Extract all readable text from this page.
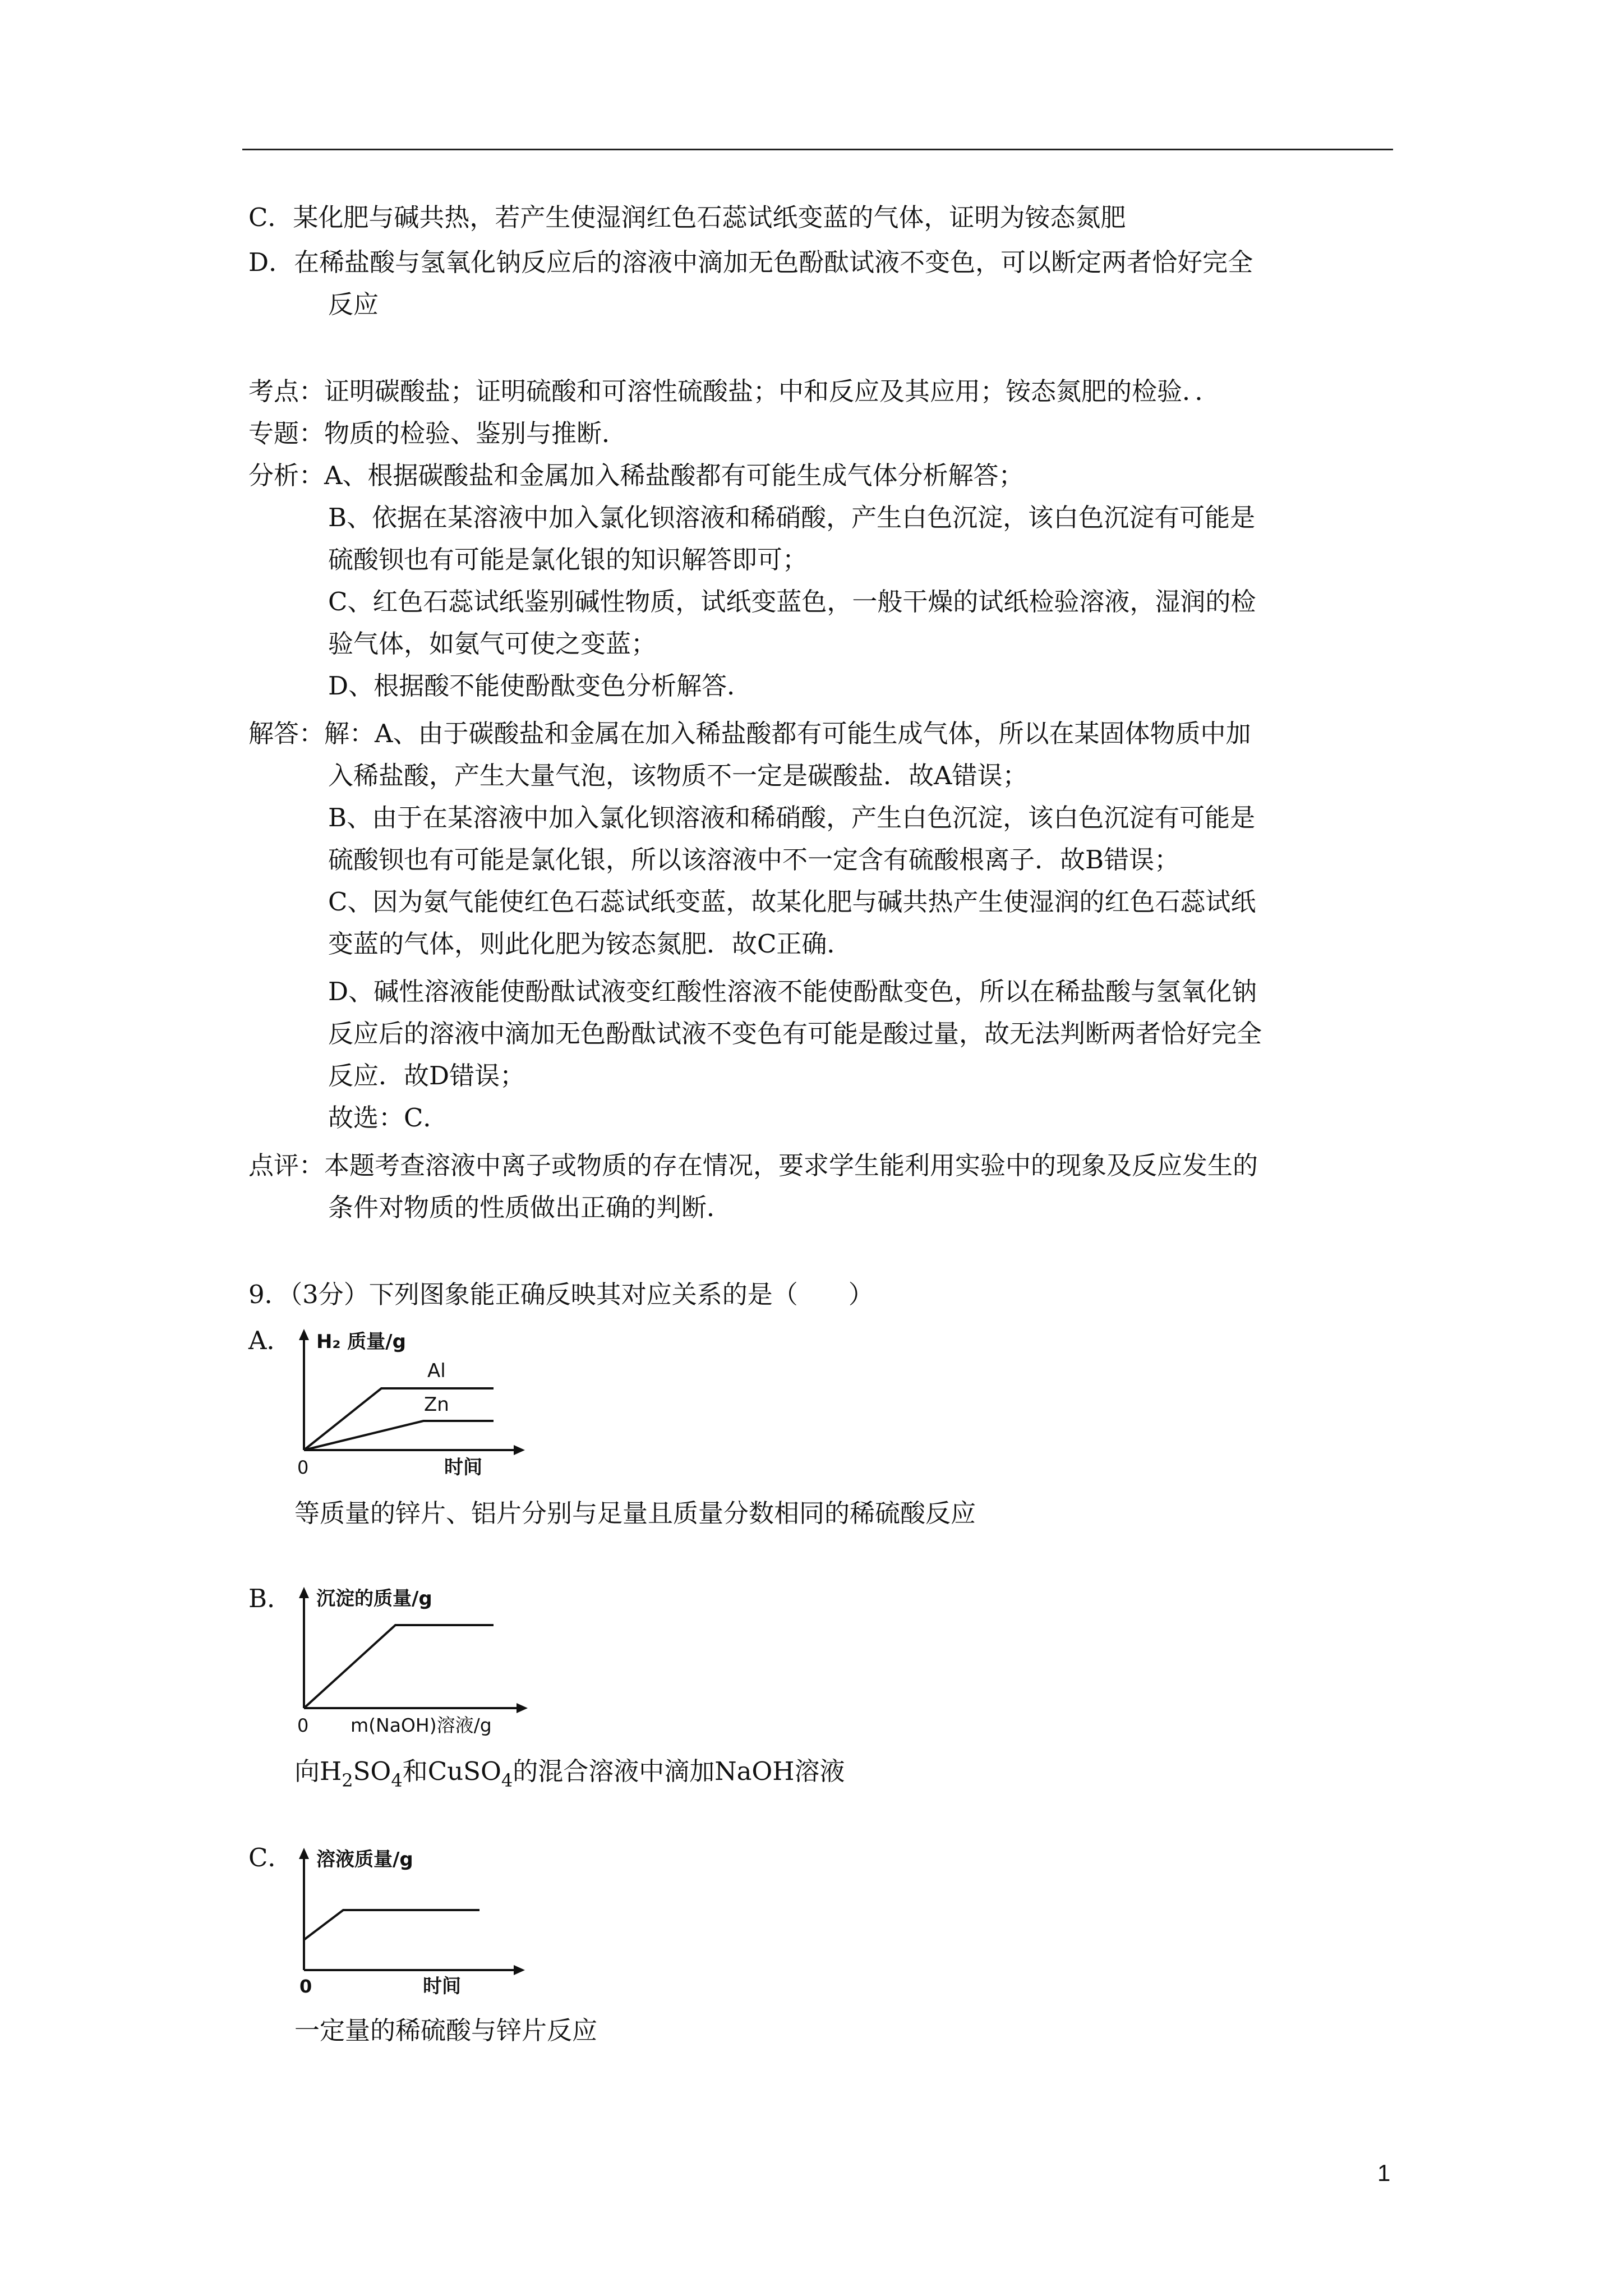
C．某化肥与碱共热，若产生使湿润红色石蕊试纸变蓝的气体，证明为铵态氮肥
D．在稀盐酸与氢氧化钠反应后的溶液中滴加无色酚酞试液不变色，可以断定两者恰好完全
反应
考点：证明碳酸盐；证明硫酸和可溶性硫酸盐；中和反应及其应用；铵态氮肥的检验．．
专题：物质的检验、鉴别与推断．
分析：A、根据碳酸盐和金属加入稀盐酸都有可能生成气体分析解答；
B、依据在某溶液中加入氯化钡溶液和稀硝酸，产生白色沉淀，该白色沉淀有可能是
硫酸钡也有可能是氯化银的知识解答即可；
C、红色石蕊试纸鉴别碱性物质，试纸变蓝色，一般干燥的试纸检验溶液，湿润的检
验气体，如氨气可使之变蓝；
D、根据酸不能使酚酞变色分析解答．
解答：解：A、由于碳酸盐和金属在加入稀盐酸都有可能生成气体，所以在某固体物质中加
入稀盐酸，产生大量气泡，该物质不一定是碳酸盐．故A错误；
B、由于在某溶液中加入氯化钡溶液和稀硝酸，产生白色沉淀，该白色沉淀有可能是
硫酸钡也有可能是氯化银，所以该溶液中不一定含有硫酸根离子．故B错误；
C、因为氨气能使红色石蕊试纸变蓝，故某化肥与碱共热产生使湿润的红色石蕊试纸
变蓝的气体，则此化肥为铵态氮肥．故C正确．
D、碱性溶液能使酚酞试液变红酸性溶液不能使酚酞变色，所以在稀盐酸与氢氧化钠
反应后的溶液中滴加无色酚酞试液不变色有可能是酸过量，故无法判断两者恰好完全
反应．故D错误；
故选：C．
点评：本题考查溶液中离子或物质的存在情况，要求学生能利用实验中的现象及反应发生的
条件对物质的性质做出正确的判断．
9．（3分）下列图象能正确反映其对应关系的是（　　）
A． H₂ 质量/g
Al
Zn
0	时间
等质量的锌片、铝片分别与足量且质量分数相同的稀硫酸反应
B． 沉淀的质量/g
0 m(NaOH)溶液/g
向$H_2SO_4$和CuSO$_4$的混合溶液中滴加NaOH溶液
C． 溶液质量/g
0	时间
一定量的稀硫酸与锌片反应
1
